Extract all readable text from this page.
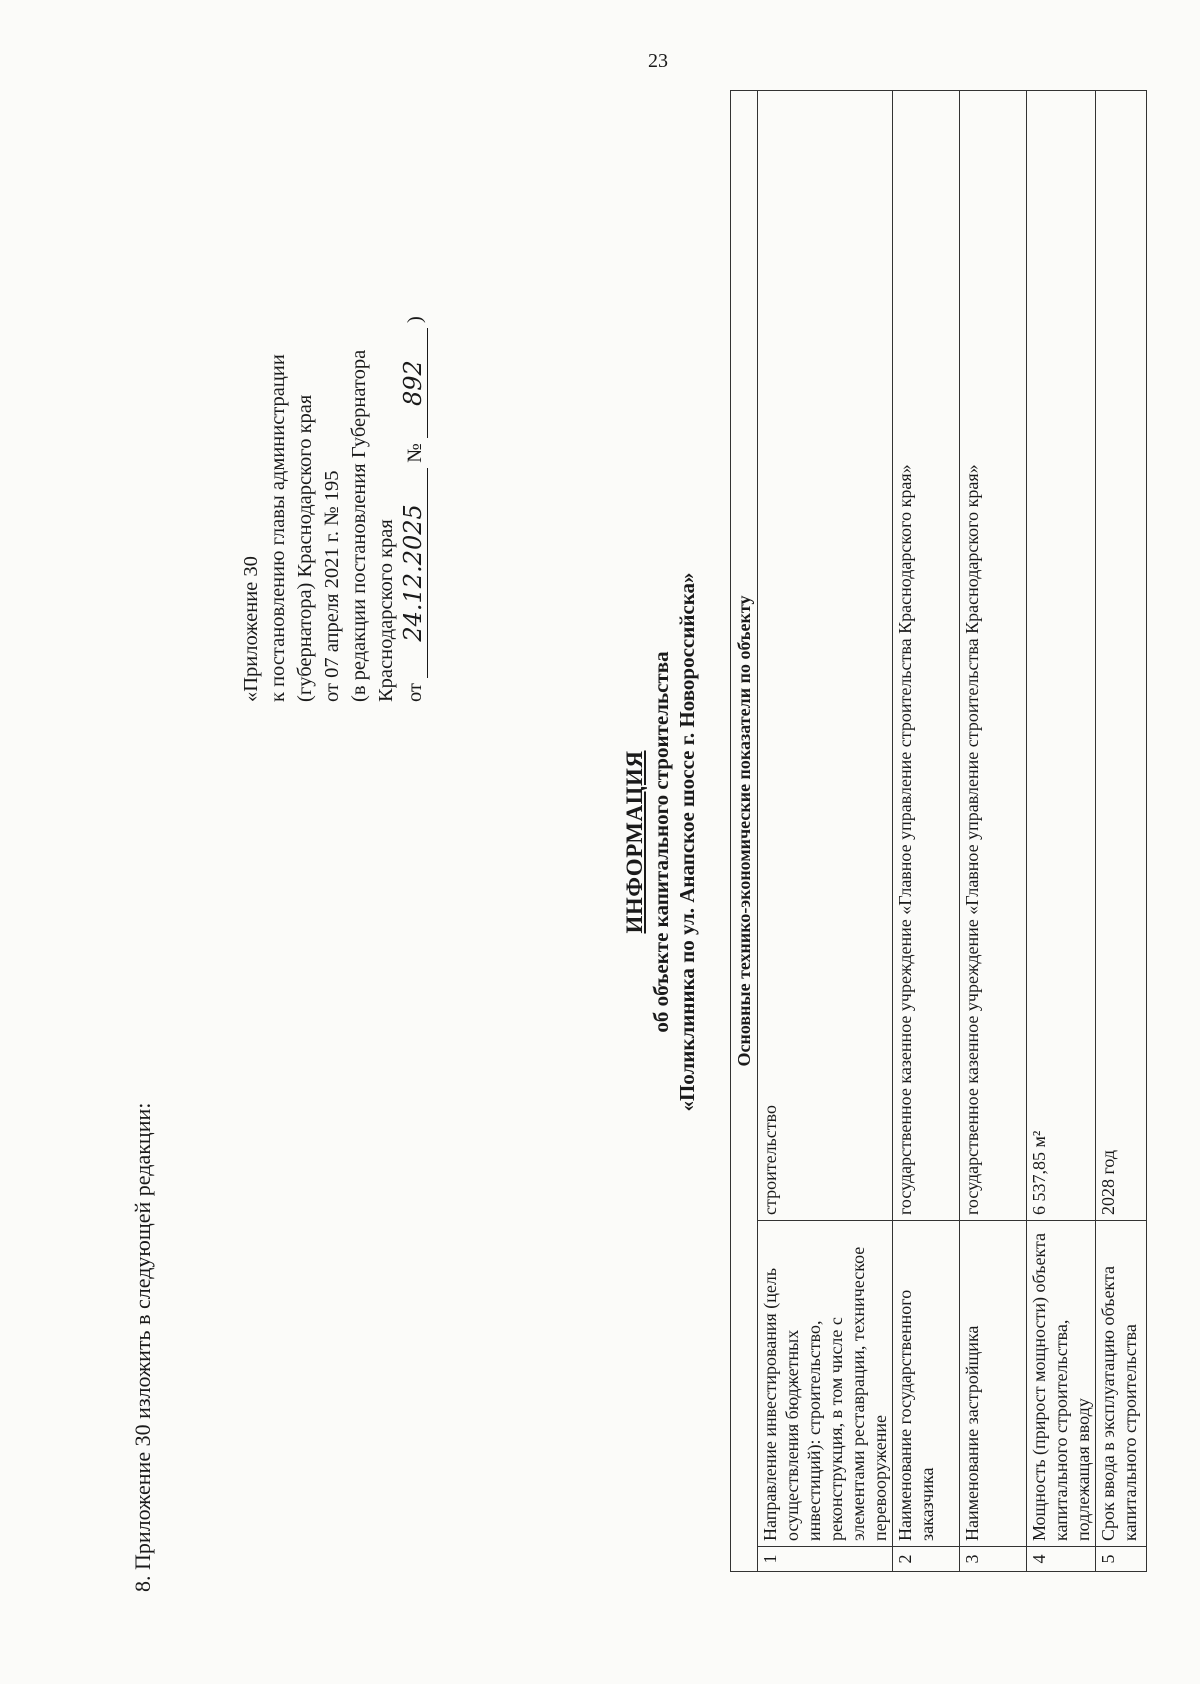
23
8. Приложение 30 изложить в следующей редакции:
«Приложение 30 к постановлению главы администрации (губернатора) Краснодарского края от 07 апреля 2021 г. № 195 (в редакции постановления Губернатора Краснодарского края от 24.12.2025 № 892 )
ИНФОРМАЦИЯ об объекте капитального строительства «Поликлиника по ул. Анапское шоссе г. Новороссийска» Основные технико-экономические показатели по объекту		
1	Направление инвестирования (цель осуществления бюджетных инвестиций): строительство, реконструкция, в том числе с элементами реставрации, техническое перевооружение	строительство
2	Наименование государственного заказчика	государственное казенное учреждение «Главное управление строительства Краснодарского края»
3	Наименование застройщика	государственное казенное учреждение «Главное управление строительства Краснодарского края»
4	Мощность (прирост мощности) объекта капитального строительства, подлежащая вводу	6 537,85 м²
5	Срок ввода в эксплуатацию объекта капитального строительства	2028 год
